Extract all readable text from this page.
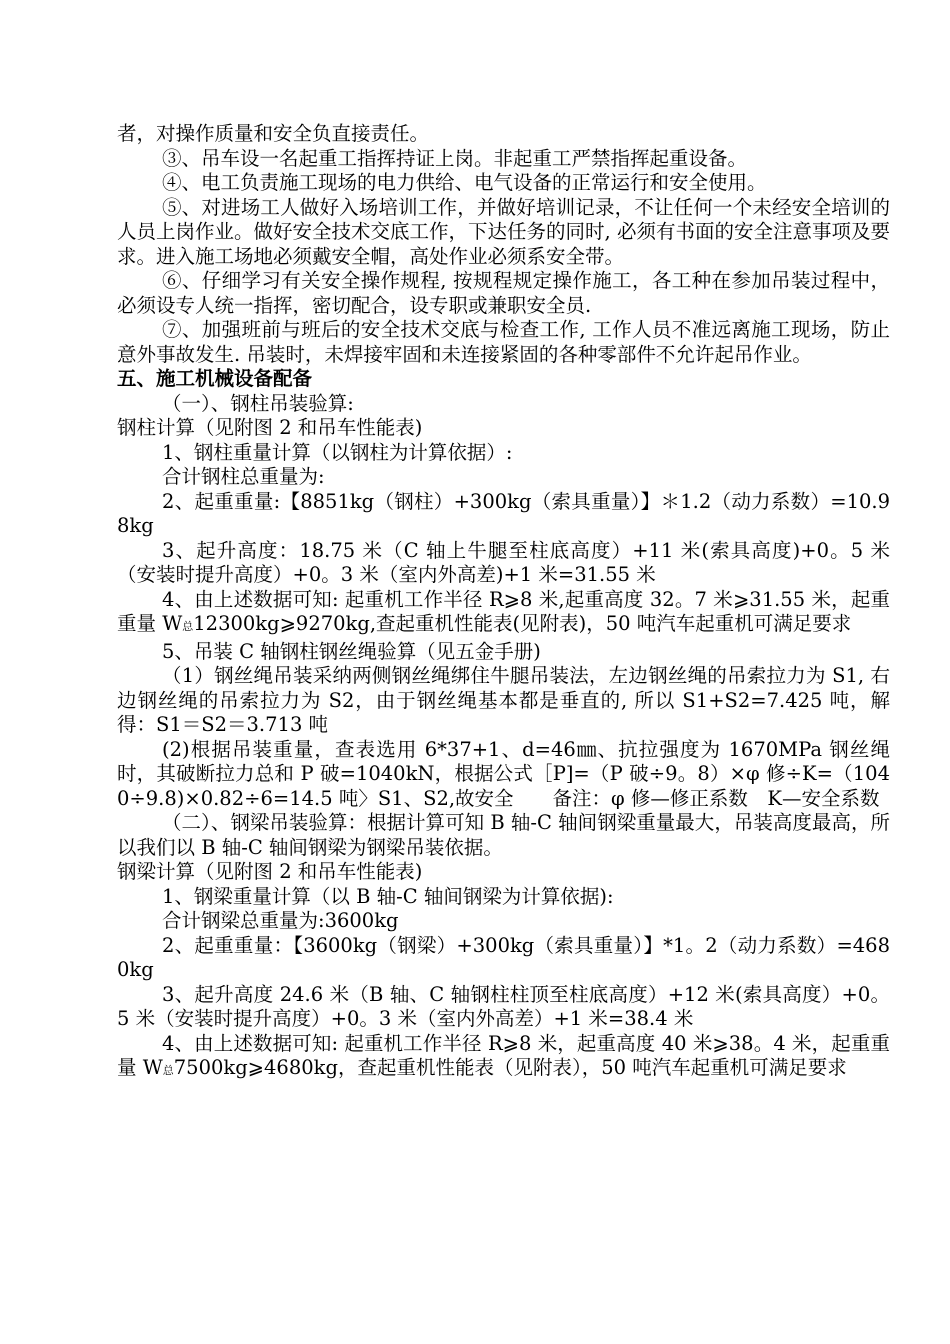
者，对操作质量和安全负直接责任。

③、吊车设一名起重工指挥持证上岗。非起重工严禁指挥起重设备。

④、电工负责施工现场的电力供给、电气设备的正常运行和安全使用。

⑤、对进场工人做好入场培训工作，并做好培训记录，不让任何一个未经安全培训的人员上岗作业。做好安全技术交底工作，下达任务的同时, 必须有书面的安全注意事项及要求。进入施工场地必须戴安全帽，高处作业必须系安全带。

⑥、仔细学习有关安全操作规程, 按规程规定操作施工，各工种在参加吊装过程中，必须设专人统一指挥，密切配合，设专职或兼职安全员.

⑦、加强班前与班后的安全技术交底与检查工作, 工作人员不准远离施工现场，防止意外事故发生. 吊装时，未焊接牢固和未连接紧固的各种零部件不允许起吊作业。

五、施工机械设备配备

（一）、钢柱吊装验算:

钢柱计算（见附图 2 和吊车性能表)

1、钢柱重量计算（以钢柱为计算依据）:

合计钢柱总重量为:

2、起重重量:【8851kg（钢柱）+300kg（索具重量）】＊1.2（动力系数）=10.98kg

3、起升高度：18.75 米（C 轴上牛腿至柱底高度）+11 米(索具高度)+0。5 米（安装时提升高度）+0。3 米（室内外高差)+1 米=31.55 米

4、由上述数据可知: 起重机工作半径 R⩾8 米,起重高度 32。7 米⩾31.55 米，起重重量 W总12300kg⩾9270kg,查起重机性能表(见附表)，50 吨汽车起重机可满足要求

5、吊装 C 轴钢柱钢丝绳验算（见五金手册)

（1）钢丝绳吊装采纳两侧钢丝绳绑住牛腿吊装法，左边钢丝绳的吊索拉力为 S1, 右边钢丝绳的吊索拉力为 S2，由于钢丝绳基本都是垂直的, 所以 S1+S2=7.425 吨，解得：S1＝S2＝3.713 吨

(2)根据吊装重量，查表选用 6*37+1、d=46㎜、抗拉强度为 1670MPa 钢丝绳时，其破断拉力总和 P 破=1040kN，根据公式［P]=（P 破÷9。8）×φ 修÷K=（1040÷9.8)×0.82÷6=14.5 吨〉S1、S2,故安全　　备注：φ 修—修正系数　K—安全系数

（二）、钢梁吊装验算：根据计算可知 B 轴-C 轴间钢梁重量最大，吊装高度最高，所以我们以 B 轴-C 轴间钢梁为钢梁吊装依据。

钢梁计算（见附图 2 和吊车性能表)

1、钢梁重量计算（以 B 轴-C 轴间钢梁为计算依据):

合计钢梁总重量为:3600kg

2、起重重量：【3600kg（钢梁）+300kg（索具重量）】*1。2（动力系数）=4680kg

3、起升高度 24.6 米（B 轴、C 轴钢柱柱顶至柱底高度）+12 米(索具高度）+0。5 米（安装时提升高度）+0。3 米（室内外高差）+1 米=38.4 米

4、由上述数据可知: 起重机工作半径 R⩾8 米，起重高度 40 米⩾38。4 米，起重重量 W总7500kg⩾4680kg，查起重机性能表（见附表），50 吨汽车起重机可满足要求
